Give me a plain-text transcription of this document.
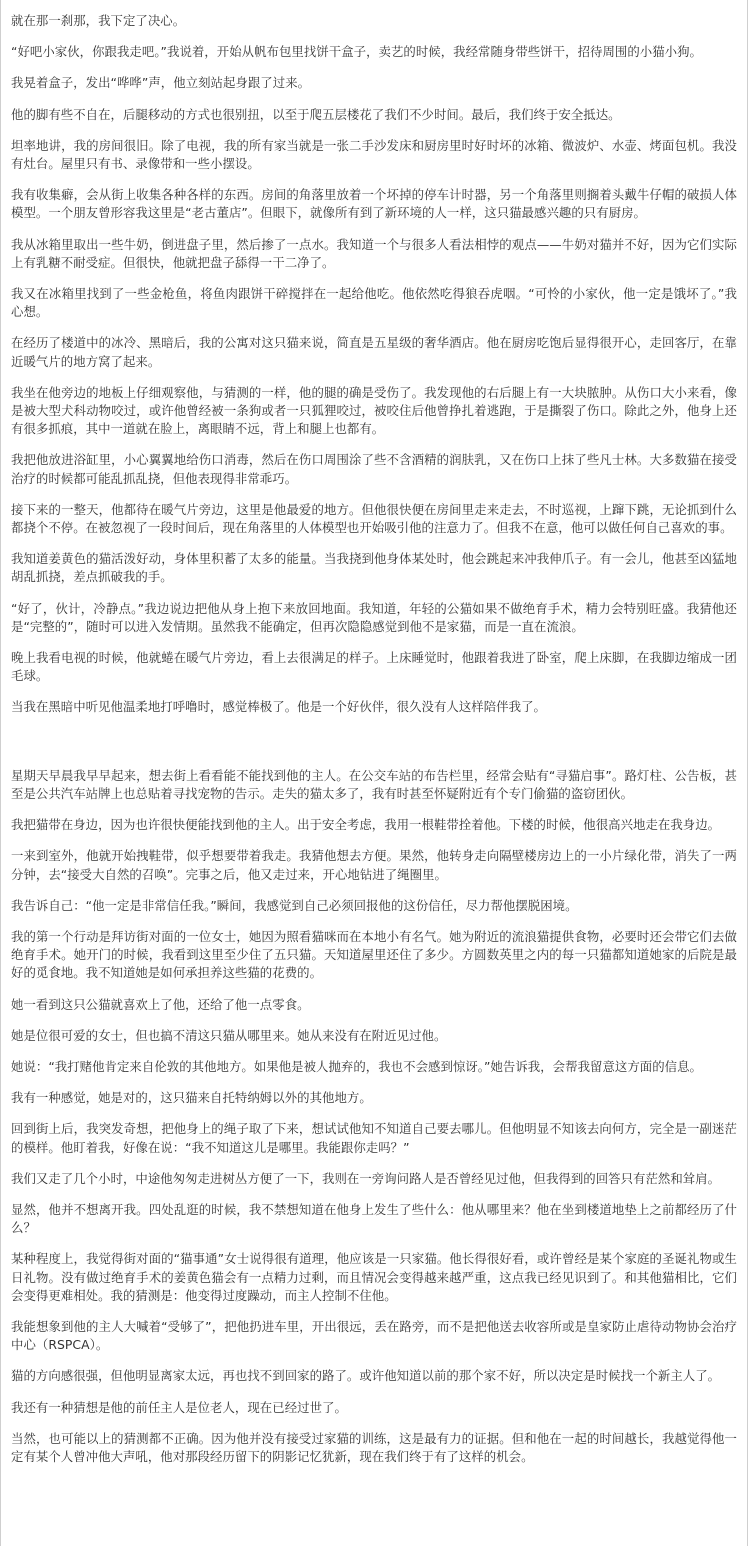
就在那一刹那，我下定了决心。

“好吧小家伙，你跟我走吧。”我说着，开始从帆布包里找饼干盒子，卖艺的时候，我经常随身带些饼干，招待周围的小猫小狗。

我晃着盒子，发出“哗哗”声，他立刻站起身跟了过来。

他的脚有些不自在，后腿移动的方式也很别扭，以至于爬五层楼花了我们不少时间。最后，我们终于安全抵达。

坦率地讲，我的房间很旧。除了电视，我的所有家当就是一张二手沙发床和厨房里时好时坏的冰箱、微波炉、水壶、烤面包机。我没有灶台。屋里只有书、录像带和一些小摆设。

我有收集癖，会从街上收集各种各样的东西。房间的角落里放着一个坏掉的停车计时器，另一个角落里则搁着头戴牛仔帽的破损人体模型。一个朋友曾形容我这里是“老古董店”。但眼下，就像所有到了新环境的人一样，这只猫最感兴趣的只有厨房。

我从冰箱里取出一些牛奶，倒进盘子里，然后掺了一点水。我知道一个与很多人看法相悖的观点——牛奶对猫并不好，因为它们实际上有乳糖不耐受症。但很快，他就把盘子舔得一干二净了。

我又在冰箱里找到了一些金枪鱼，将鱼肉跟饼干碎搅拌在一起给他吃。他依然吃得狼吞虎咽。“可怜的小家伙，他一定是饿坏了。”我心想。

在经历了楼道中的冰冷、黑暗后，我的公寓对这只猫来说，简直是五星级的奢华酒店。他在厨房吃饱后显得很开心，走回客厅，在靠近暖气片的地方窝了起来。

我坐在他旁边的地板上仔细观察他，与猜测的一样，他的腿的确是受伤了。我发现他的右后腿上有一大块脓肿。从伤口大小来看，像是被大型犬科动物咬过，或许他曾经被一条狗或者一只狐狸咬过，被咬住后他曾挣扎着逃跑，于是撕裂了伤口。除此之外，他身上还有很多抓痕，其中一道就在脸上，离眼睛不远，背上和腿上也都有。

我把他放进浴缸里，小心翼翼地给伤口消毒，然后在伤口周围涂了些不含酒精的润肤乳，又在伤口上抹了些凡士林。大多数猫在接受治疗的时候都可能乱抓乱挠，但他表现得非常乖巧。

接下来的一整天，他都待在暖气片旁边，这里是他最爱的地方。但他很快便在房间里走来走去，不时巡视，上蹿下跳，无论抓到什么都挠个不停。在被忽视了一段时间后，现在角落里的人体模型也开始吸引他的注意力了。但我不在意，他可以做任何自己喜欢的事。

我知道姜黄色的猫活泼好动，身体里积蓄了太多的能量。当我挠到他身体某处时，他会跳起来冲我伸爪子。有一会儿，他甚至凶猛地胡乱抓挠，差点抓破我的手。

“好了，伙计，冷静点。”我边说边把他从身上抱下来放回地面。我知道，年轻的公猫如果不做绝育手术，精力会特别旺盛。我猜他还是“完整的”，随时可以进入发情期。虽然我不能确定，但再次隐隐感觉到他不是家猫，而是一直在流浪。

晚上我看电视的时候，他就蜷在暖气片旁边，看上去很满足的样子。上床睡觉时，他跟着我进了卧室，爬上床脚，在我脚边缩成一团毛球。

当我在黑暗中听见他温柔地打呼噜时，感觉棒极了。他是一个好伙伴，很久没有人这样陪伴我了。

星期天早晨我早早起来，想去街上看看能不能找到他的主人。在公交车站的布告栏里，经常会贴有“寻猫启事”。路灯柱、公告板，甚至是公共汽车站牌上也总贴着寻找宠物的告示。走失的猫太多了，我有时甚至怀疑附近有个专门偷猫的盗窃团伙。

我把猫带在身边，因为也许很快便能找到他的主人。出于安全考虑，我用一根鞋带拴着他。下楼的时候，他很高兴地走在我身边。

一来到室外，他就开始拽鞋带，似乎想要带着我走。我猜他想去方便。果然，他转身走向隔壁楼房边上的一小片绿化带，消失了一两分钟，去“接受大自然的召唤”。完事之后，他又走过来，开心地钻进了绳圈里。

我告诉自己：“他一定是非常信任我。”瞬间，我感觉到自己必须回报他的这份信任，尽力帮他摆脱困境。

我的第一个行动是拜访街对面的一位女士，她因为照看猫咪而在本地小有名气。她为附近的流浪猫提供食物，必要时还会带它们去做绝育手术。她开门的时候，我看到这里至少住了五只猫。天知道屋里还住了多少。方圆数英里之内的每一只猫都知道她家的后院是最好的觅食地。我不知道她是如何承担养这些猫的花费的。

她一看到这只公猫就喜欢上了他，还给了他一点零食。

她是位很可爱的女士，但也搞不清这只猫从哪里来。她从来没有在附近见过他。

她说：“我打赌他肯定来自伦敦的其他地方。如果他是被人抛弃的，我也不会感到惊讶。”她告诉我，会帮我留意这方面的信息。

我有一种感觉，她是对的，这只猫来自托特纳姆以外的其他地方。

回到街上后，我突发奇想，把他身上的绳子取了下来，想试试他知不知道自己要去哪儿。但他明显不知该去向何方，完全是一副迷茫的模样。他盯着我，好像在说：“我不知道这儿是哪里。我能跟你走吗？”

我们又走了几个小时，中途他匆匆走进树丛方便了一下，我则在一旁询问路人是否曾经见过他，但我得到的回答只有茫然和耸肩。

显然，他并不想离开我。四处乱逛的时候，我不禁想知道在他身上发生了些什么：他从哪里来？他在坐到楼道地垫上之前都经历了什么？

某种程度上，我觉得街对面的“猫事通”女士说得很有道理，他应该是一只家猫。他长得很好看，或许曾经是某个家庭的圣诞礼物或生日礼物。没有做过绝育手术的姜黄色猫会有一点精力过剩，而且情况会变得越来越严重，这点我已经见识到了。和其他猫相比，它们会变得更难相处。我的猜测是：他变得过度躁动，而主人控制不住他。

我能想象到他的主人大喊着“受够了”，把他扔进车里，开出很远，丢在路旁，而不是把他送去收容所或是皇家防止虐待动物协会治疗中心（RSPCA）。

猫的方向感很强，但他明显离家太远，再也找不到回家的路了。或许他知道以前的那个家不好，所以决定是时候找一个新主人了。

我还有一种猜想是他的前任主人是位老人，现在已经过世了。

当然，也可能以上的猜测都不正确。因为他并没有接受过家猫的训练，这是最有力的证据。但和他在一起的时间越长，我越觉得他一定有某个人曾冲他大声吼，他对那段经历留下的阴影记忆犹新，现在我们终于有了这样的机会。
